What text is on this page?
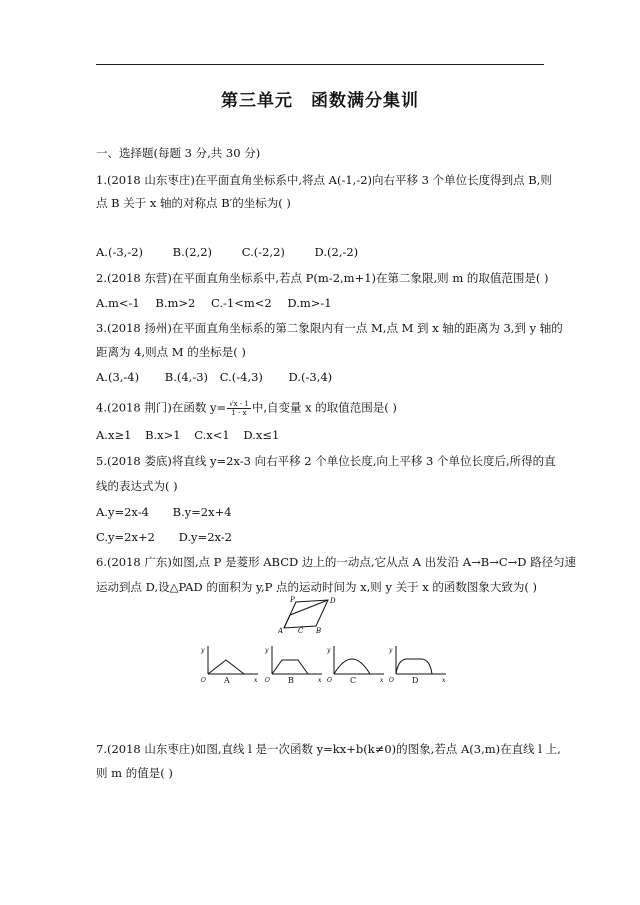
第三单元　函数满分集训
一、选择题(每题 3 分,共 30 分)
1.(2018 山东枣庄)在平面直角坐标系中,将点 A(-1,-2)向右平移 3 个单位长度得到点 B,则
点 B 关于 x 轴的对称点 B′的坐标为( )
A.(-3,-2)	B.(2,2)	C.(-2,2)	D.(2,-2)
2.(2018 东营)在平面直角坐标系中,若点 P(m-2,m+1)在第二象限,则 m 的取值范围是( )
A.m<-1 B.m>2 C.-1<m<2 D.m>-1
3.(2018 扬州)在平面直角坐标系的第二象限内有一点 M,点 M 到 x 轴的距离为 3,到 y 轴的
距离为 4,则点 M 的坐标是( )
A.(3,-4) B.(4,-3) C.(-4,3) D.(-3,4)
4.(2018 荆门)在函数 $y= \frac{√x - 1}{1 - x}$ 中,自变量 x 的取值范围是( )
A.x≥1 B.x>1 C.x<1 D.x≤1
5.(2018 娄底)将直线 y=2x-3 向右平移 2 个单位长度,向上平移 3 个单位长度后,所得的直
线的表达式为( )
A.y=2x-4 B.y=2x+4
C.y=2x+2 D.y=2x-2
6.(2018 广东)如图,点 P 是菱形 ABCD 边上的一动点,它从点 A 出发沿 A→B→C→D 路径匀速
运动到点 D,设△PAD 的面积为 y,P 点的运动时间为 x,则 y 关于 x 的函数图象大致为( )
P
A	B
D
C
y
x
O A
y
x
O B
y
x
O C
y
x
O D
7.(2018 山东枣庄)如图,直线 l 是一次函数 y=kx+b(k≠0)的图象,若点 A(3,m)在直线 l 上,
则 m 的值是( )
